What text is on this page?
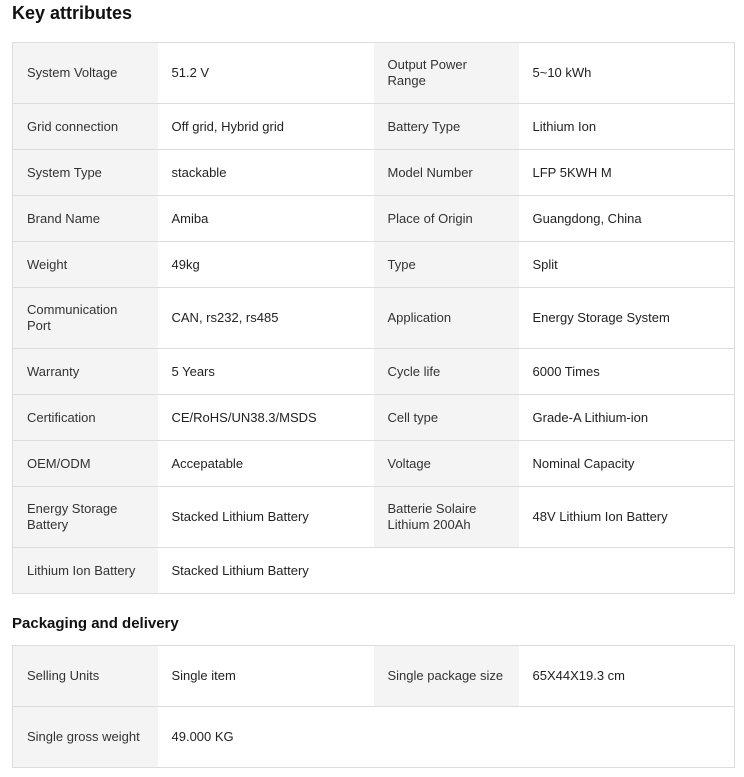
Key attributes
System Voltage	51.2 V	Output Power Range	5~10 kWh
Grid connection	Off grid, Hybrid grid	Battery Type	Lithium Ion
System Type	stackable	Model Number	LFP 5KWH M
Brand Name	Amiba	Place of Origin	Guangdong, China
Weight	49kg	Type	Split
Communication Port	CAN, rs232, rs485	Application	Energy Storage System
Warranty	5 Years	Cycle life	6000 Times
Certification	CE/RoHS/UN38.3/MSDS	Cell type	Grade-A Lithium-ion
OEM/ODM	Accepatable	Voltage	Nominal Capacity
Energy Storage Battery	Stacked Lithium Battery	Batterie Solaire Lithium 200Ah	48V Lithium Ion Battery
Lithium Ion Battery	Stacked Lithium Battery		
Packaging and delivery
Selling Units	Single item	Single package size	65X44X19.3 cm
Single gross weight	49.000 KG		
